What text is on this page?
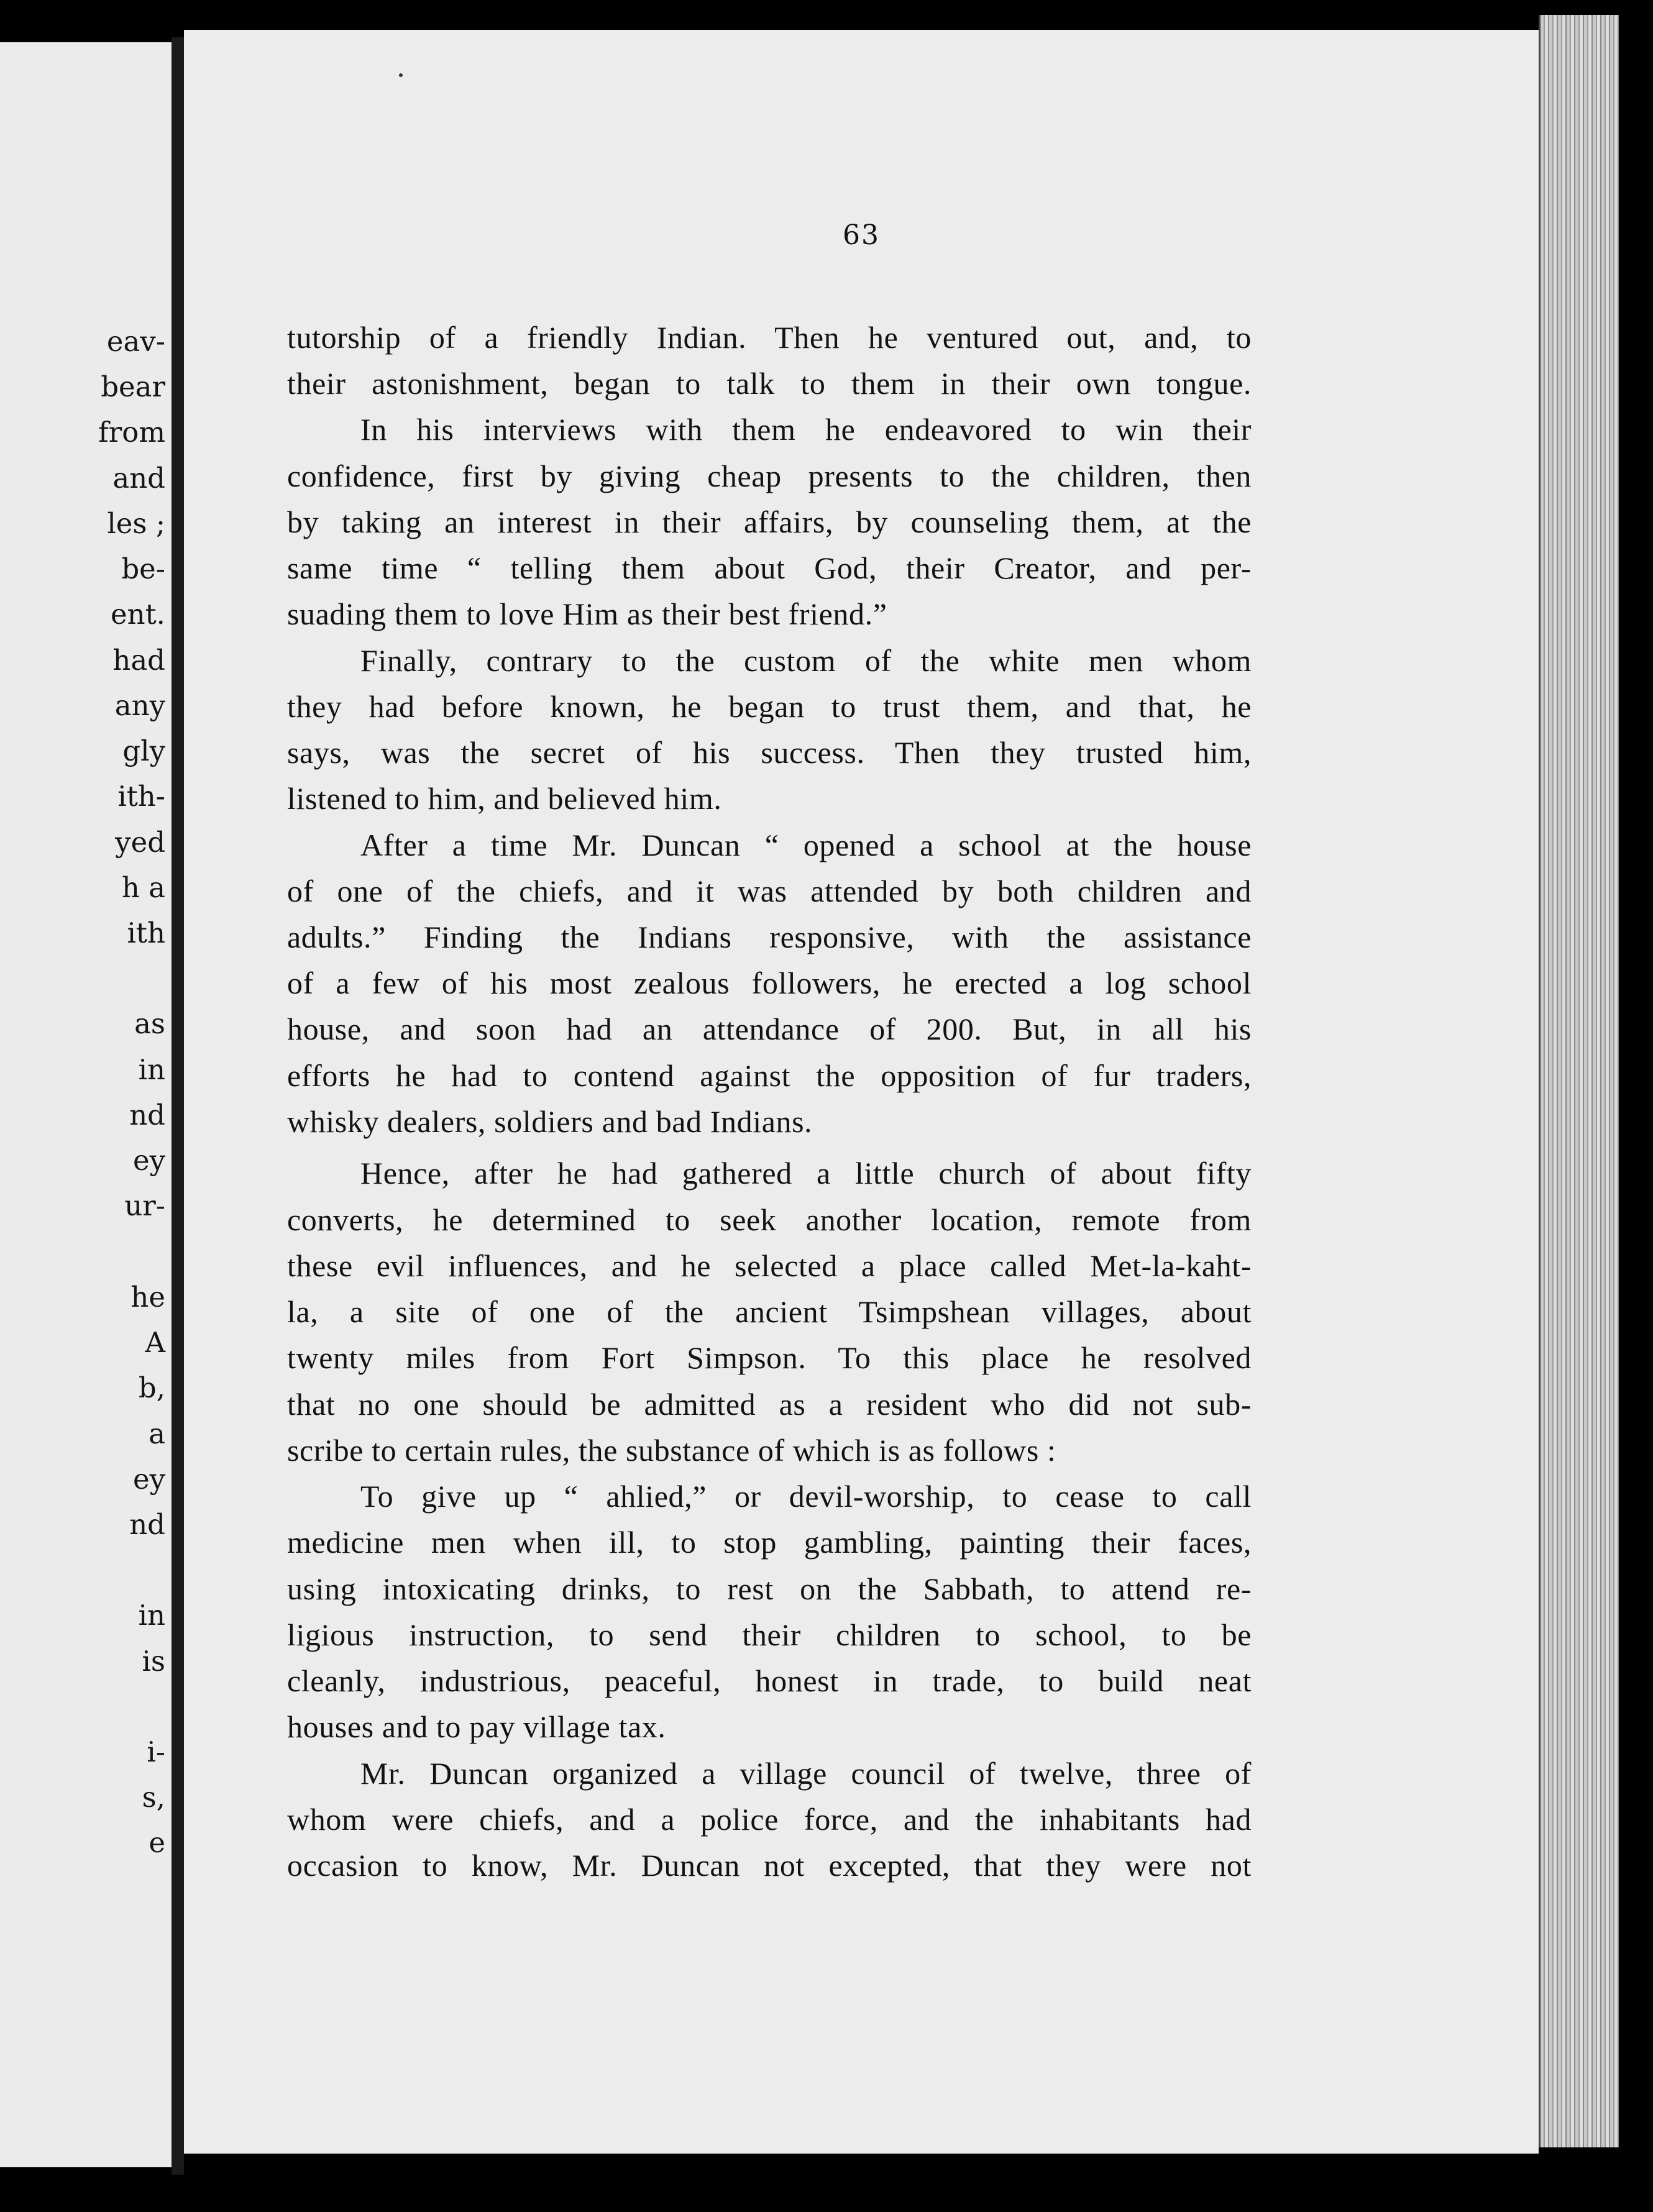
eav-
bear
from
and
les ;
be-
ent.
had
any
gly
ith-
yed
h a
ith
as
in
nd
ey
ur-
he
A
b,
a
ey
nd
in
is
i-
s,
e
63
tutorship of a friendly Indian. Then he ventured out, and, to
their astonishment, began to talk to them in their own tongue.
In his interviews with them he endeavored to win their
confidence, first by giving cheap presents to the children, then
by taking an interest in their affairs, by counseling them, at the
same time “ telling them about God, their Creator, and per-
suading them to love Him as their best friend.”
Finally, contrary to the custom of the white men whom
they had before known, he began to trust them, and that, he
says, was the secret of his success. Then they trusted him,
listened to him, and believed him.
After a time Mr. Duncan “ opened a school at the house
of one of the chiefs, and it was attended by both children and
adults.” Finding the Indians responsive, with the assistance
of a few of his most zealous followers, he erected a log school
house, and soon had an attendance of 200. But, in all his
efforts he had to contend against the opposition of fur traders,
whisky dealers, soldiers and bad Indians.
Hence, after he had gathered a little church of about fifty
converts, he determined to seek another location, remote from
these evil influences, and he selected a place called Met-la-kaht-
la, a site of one of the ancient Tsimpshean villages, about
twenty miles from Fort Simpson. To this place he resolved
that no one should be admitted as a resident who did not sub-
scribe to certain rules, the substance of which is as follows :
To give up “ ahlied,” or devil-worship, to cease to call
medicine men when ill, to stop gambling, painting their faces,
using intoxicating drinks, to rest on the Sabbath, to attend re-
ligious instruction, to send their children to school, to be
cleanly, industrious, peaceful, honest in trade, to build neat
houses and to pay village tax.
Mr. Duncan organized a village council of twelve, three of
whom were chiefs, and a police force, and the inhabitants had
occasion to know, Mr. Duncan not excepted, that they were not
